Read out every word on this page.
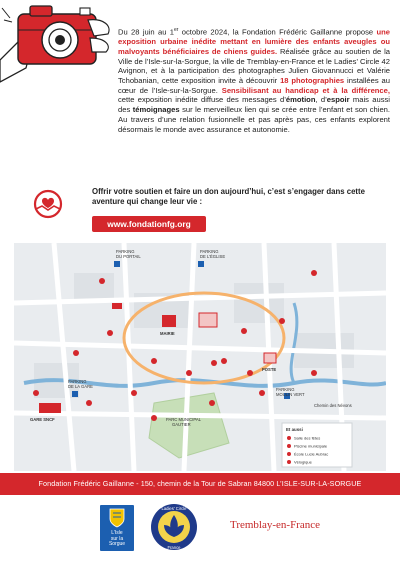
Du 28 juin au 1er octobre 2024, la Fondation Frédéric Gaillanne propose une exposition urbaine inédite mettant en lumière des enfants aveugles ou malvoyants bénéficiaires de chiens guides. Réalisée grâce au soutien de la Ville de l’Isle-sur-la-Sorgue, la ville de Tremblay-en-France et le Ladies’ Circle 42 Avignon, et à la participation des photographes Julien Giovannucci et Valérie Tchobanian, cette exposition invite à découvrir 18 photographies installées au cœur de l’Isle-sur-la-Sorgue. Sensibilisant au handicap et à la différence, cette exposition inédite diffuse des messages d’émotion, d’espoir mais aussi des témoignages sur le merveilleux lien qui se crée entre l’enfant et son chien. Au travers d’une relation fusionnelle et pas après pas, ces enfants explorent désormais le monde avec assurance et autonomie.
Offrir votre soutien et faire un don aujourd’hui, c’est s’engager dans cette aventure qui change leur vie :
www.fondationfg.org
PARKING DU PORTAIL
PARKING DE L’ÉGLISE
MAIRIE
POSTE
PARKING DE LA GARE
GARE SNCF	PARC MUNICIPAL GAUTIER
Chemin des Névons
PARKING MOULIN VERT
Et aussi
Salle des fêtes
Piscine municipale
École Lucie Aubrac
Vélogique
Fondation Frédéric Gaillanne - 150, chemin de la Tour de Sabran 84800 L’ISLE-SUR-LA-SORGUE
L’Isle
sur la
Sorgue
Ladies’ Circle
France
Tremblay-en-France
